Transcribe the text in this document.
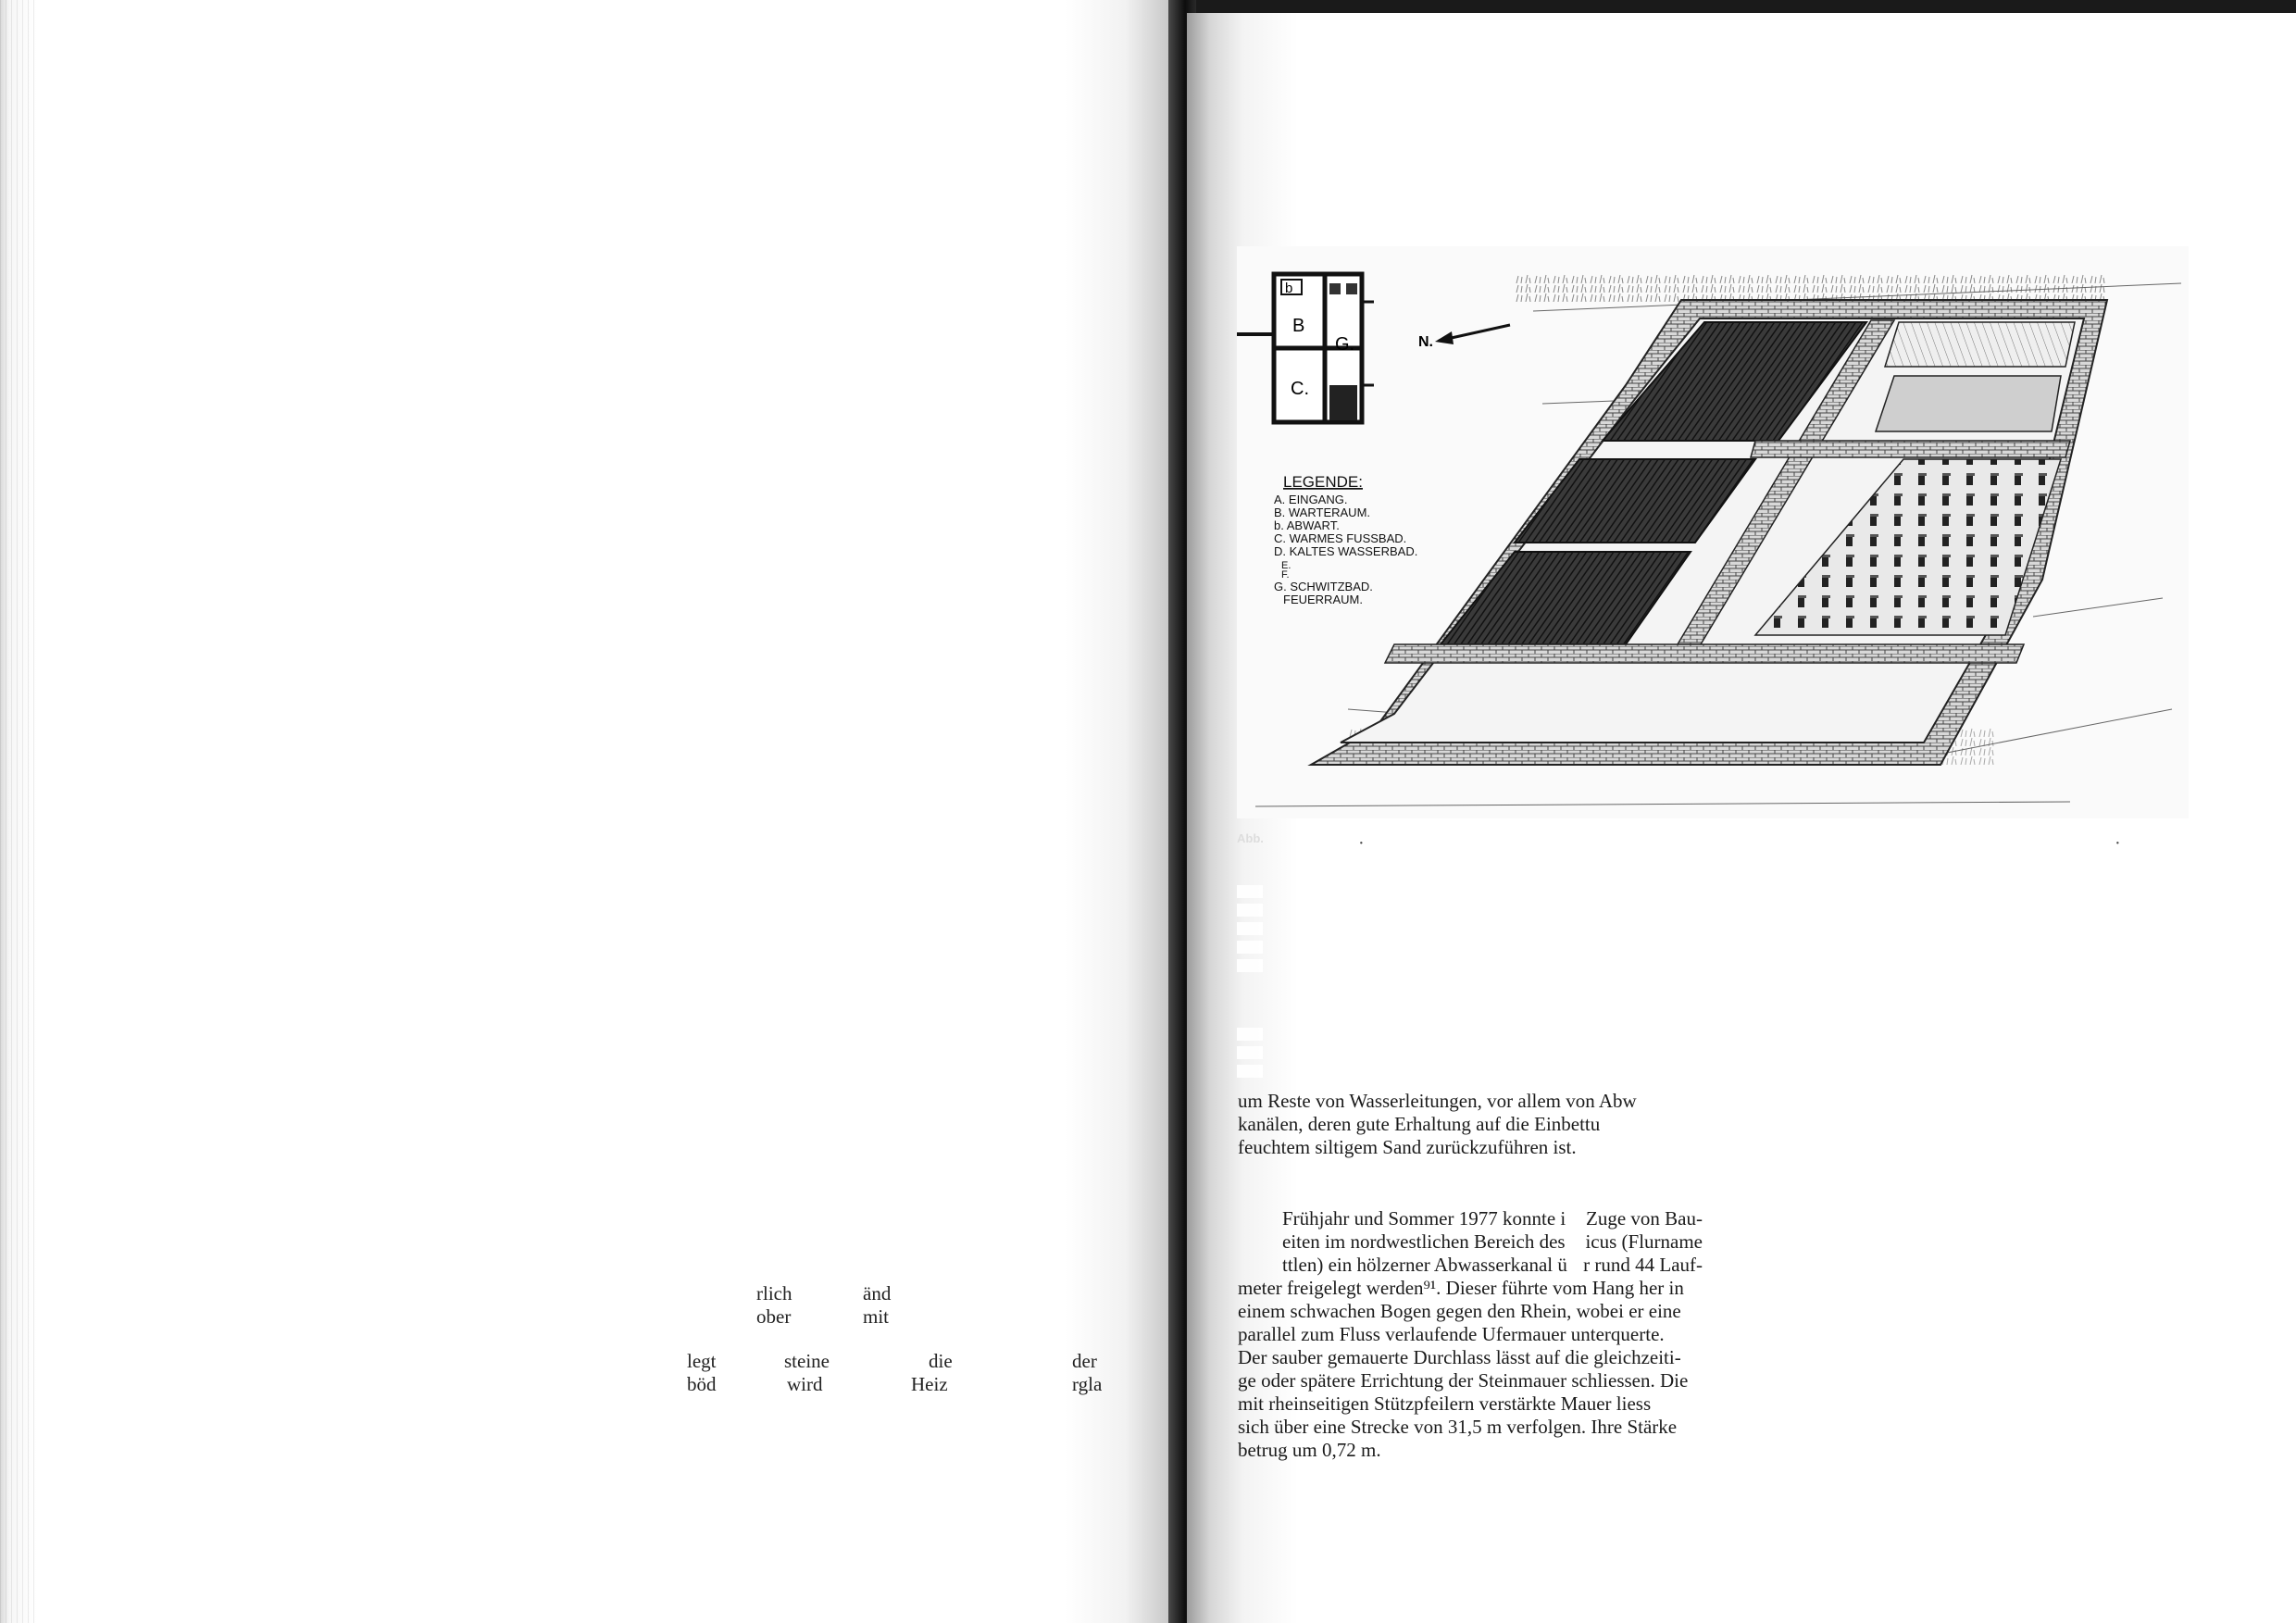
rlich	änd
ober	mit
legt	steine	die	der
böd	wird	Heiz	rgla
b
B
G.
C.
N.
LEGENDE:
A. EINGANG.
B. WARTERAUM.
b. ABWART.
C. WARMES FUSSBAD.
D. KALTES WASSERBAD.
E.
F.
G. SCHWITZBAD.
FEUERRAUM.
Abb.	·	·

um Reste von Wasserleitungen, vor allem von Abw

kanälen, deren gute Erhaltung auf die Einbettu

feuchtem siltigem Sand zurückzuführen ist.

Frühjahr und Sommer 1977 konnte i Zuge von Bau-
eiten im nordwestlichen Bereich des icus (Flurname
ttlen) ein hölzerner Abwasserkanal ü r rund 44 Lauf-
meter freigelegt werden⁹¹. Dieser führte vom Hang her in
einem schwachen Bogen gegen den Rhein, wobei er eine
parallel zum Fluss verlaufende Ufermauer unterquerte.
Der sauber gemauerte Durchlass lässt auf die gleichzeiti-
ge oder spätere Errichtung der Steinmauer schliessen. Die
mit rheinseitigen Stützpfeilern verstärkte Mauer liess
sich über eine Strecke von 31,5 m verfolgen. Ihre Stärke
betrug um 0,72 m.
